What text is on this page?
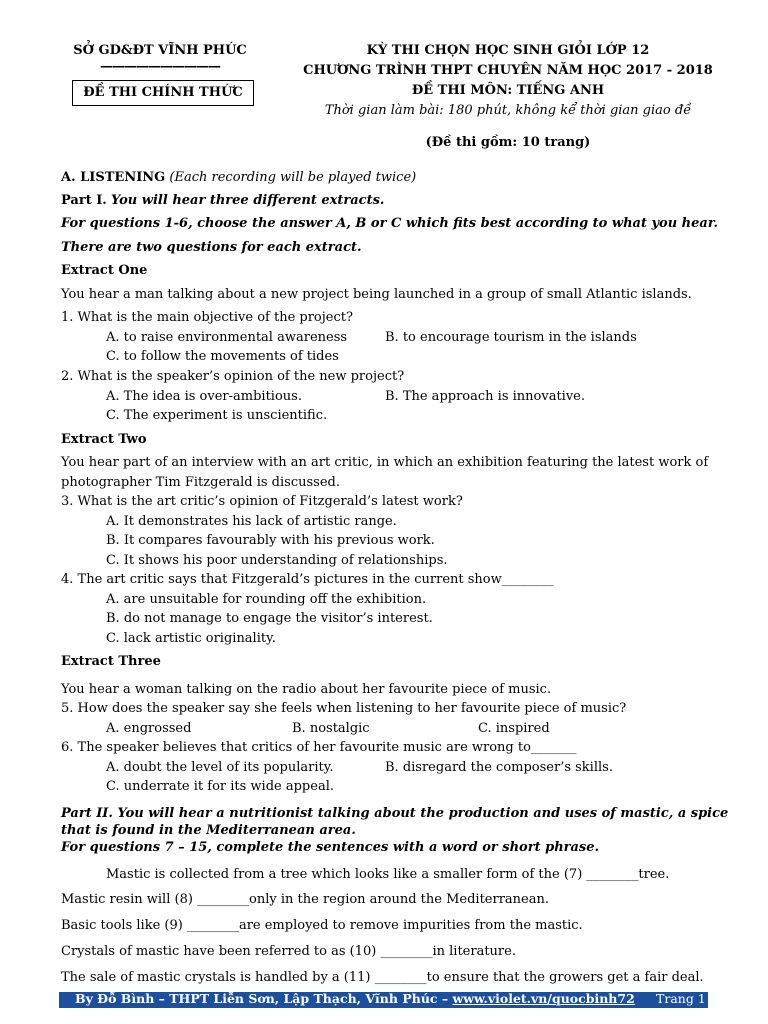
SỞ GD&ĐT VĨNH PHÚC
——————————
ĐỀ THI CHÍNH THỨC
KỲ THI CHỌN HỌC SINH GIỎI LỚP 12
CHƯƠNG TRÌNH THPT CHUYÊN NĂM HỌC 2017 - 2018
ĐỀ THI MÔN: TIẾNG ANH
Thời gian làm bài: 180 phút, không kể thời gian giao đề
(Đề thi gồm: 10 trang)
A. LISTENING (Each recording will be played twice)
Part I. You will hear three different extracts.
For questions 1-6, choose the answer A, B or C which fits best according to what you hear.
There are two questions for each extract.
Extract One
You hear a man talking about a new project being launched in a group of small Atlantic islands.
1. What is the main objective of the project?
A. to raise environmental awareness	B. to encourage tourism in the islands
C. to follow the movements of tides
2. What is the speaker’s opinion of the new project?
A. The idea is over-ambitious.	B. The approach is innovative.
C. The experiment is unscientific.
Extract Two
You hear part of an interview with an art critic, in which an exhibition featuring the latest work of
photographer Tim Fitzgerald is discussed.
3. What is the art critic’s opinion of Fitzgerald’s latest work?
A. It demonstrates his lack of artistic range.
B. It compares favourably with his previous work.
C. It shows his poor understanding of relationships.
4. The art critic says that Fitzgerald’s pictures in the current show________
A. are unsuitable for rounding off the exhibition.
B. do not manage to engage the visitor’s interest.
C. lack artistic originality.
Extract Three
You hear a woman talking on the radio about her favourite piece of music.
5. How does the speaker say she feels when listening to her favourite piece of music?
A. engrossed	B. nostalgic	C. inspired
6. The speaker believes that critics of her favourite music are wrong to_______
A. doubt the level of its popularity.	B. disregard the composer’s skills.
C. underrate it for its wide appeal.
Part II. You will hear a nutritionist talking about the production and uses of mastic, a spice
that is found in the Mediterranean area.
For questions 7 – 15, complete the sentences with a word or short phrase.
Mastic is collected from a tree which looks like a smaller form of the (7) ________tree.
Mastic resin will (8) ________only in the region around the Mediterranean.
Basic tools like (9) ________are employed to remove impurities from the mastic.
Crystals of mastic have been referred to as (10) ________in literature.
The sale of mastic crystals is handled by a (11) ________to ensure that the growers get a fair deal.
By Đỗ Bình – THPT Liễn Sơn, Lập Thạch, Vĩnh Phúc – www.violet.vn/quocbinh72 Trang 1
